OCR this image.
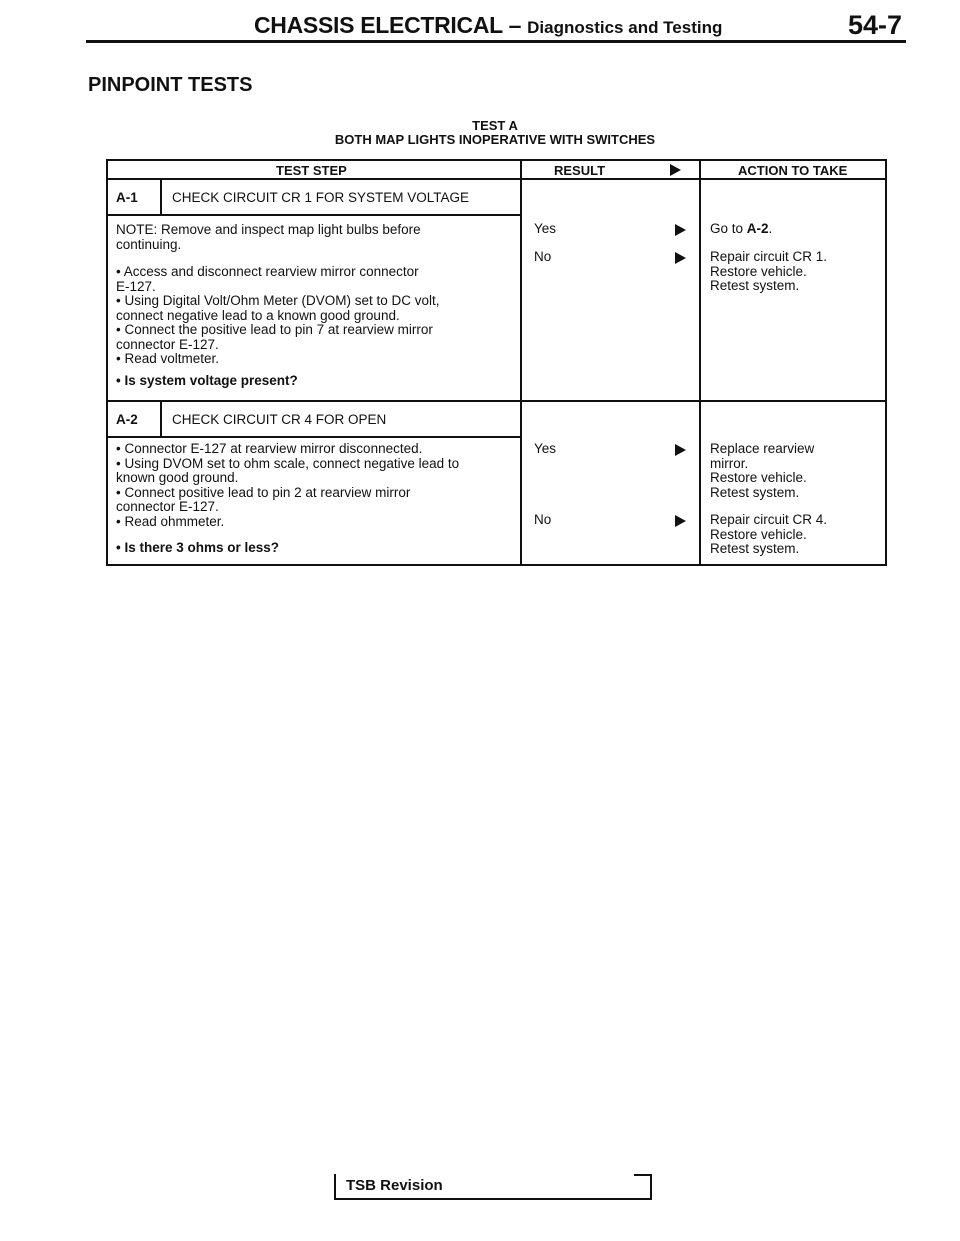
CHASSIS ELECTRICAL – Diagnostics and Testing	54-7
PINPOINT TESTS
TEST A
BOTH MAP LIGHTS INOPERATIVE WITH SWITCHES
TEST STEP	RESULT	ACTION TO TAKE
A-1	CHECK CIRCUIT CR 1 FOR SYSTEM VOLTAGE
NOTE: Remove and inspect map light bulbs before
continuing.
• Access and disconnect rearview mirror connector
E-127.
• Using Digital Volt/Ohm Meter (DVOM) set to DC volt,
connect negative lead to a known good ground.
• Connect the positive lead to pin 7 at rearview mirror
connector E-127.
• Read voltmeter.
• Is system voltage present?
Yes	Go to A-2.
No	Repair circuit CR 1.
Restore vehicle.
Retest system.
A-2	CHECK CIRCUIT CR 4 FOR OPEN
• Connector E-127 at rearview mirror disconnected.
• Using DVOM set to ohm scale, connect negative lead to
known good ground.
• Connect positive lead to pin 2 at rearview mirror
connector E-127.
• Read ohmmeter.
• Is there 3 ohms or less?
Yes	Replace rearview
mirror.
Restore vehicle.
Retest system.
No	Repair circuit CR 4.
Restore vehicle.
Retest system.
TSB Revision
